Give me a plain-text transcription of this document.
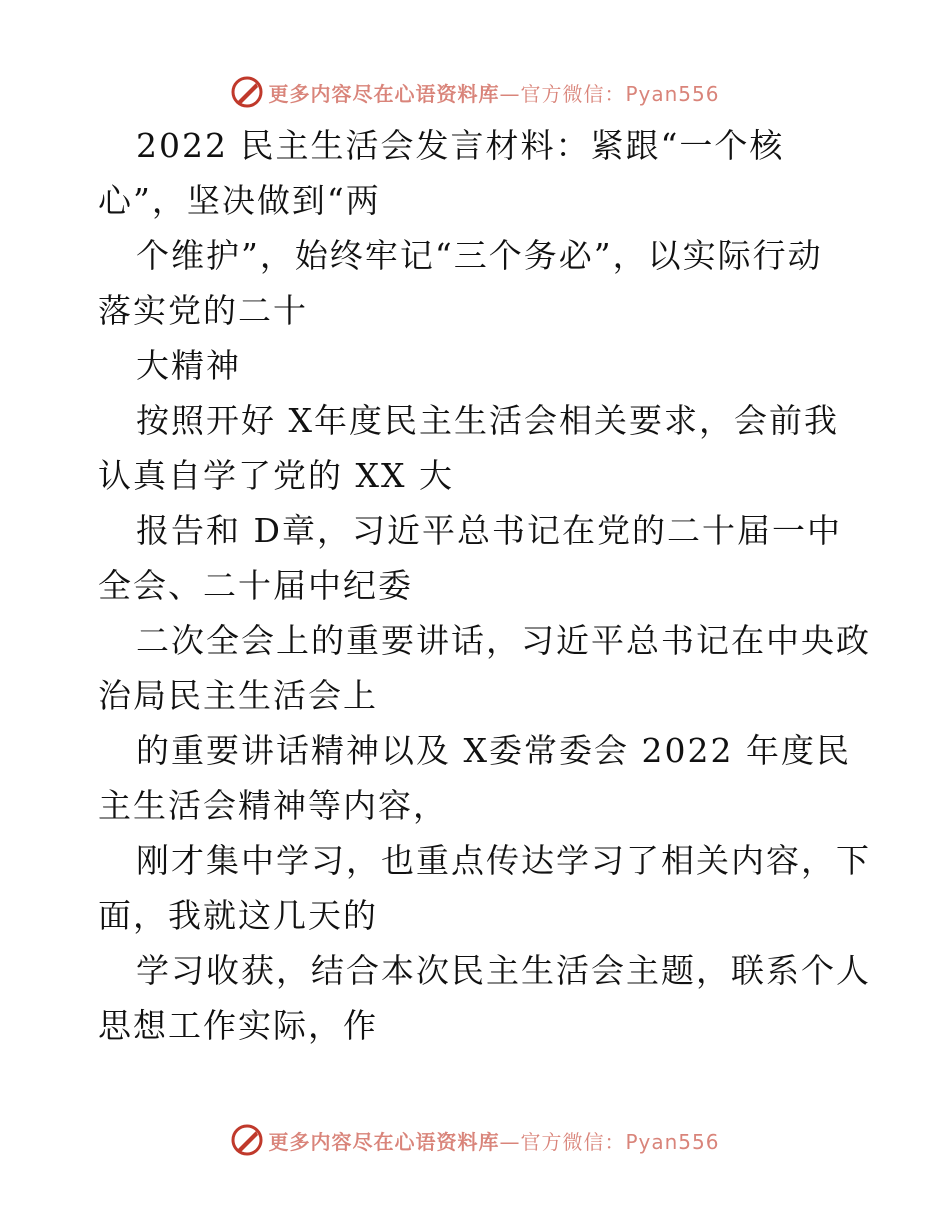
更多内容尽在心语资料库—官方微信：Pyan556
2022 民主生活会发言材料：紧跟“一个核
心”，坚决做到“两
个维护”，始终牢记“三个务必”，以实际行动
落实党的二十
大精神
按照开好 X年度民主生活会相关要求，会前我
认真自学了党的 XX 大
报告和 D章，习近平总书记在党的二十届一中
全会、二十届中纪委
二次全会上的重要讲话，习近平总书记在中央政
治局民主生活会上
的重要讲话精神以及 X委常委会 2022 年度民
主生活会精神等内容，
刚才集中学习，也重点传达学习了相关内容，下
面，我就这几天的
学习收获，结合本次民主生活会主题，联系个人
思想工作实际，作
更多内容尽在心语资料库—官方微信：Pyan556
